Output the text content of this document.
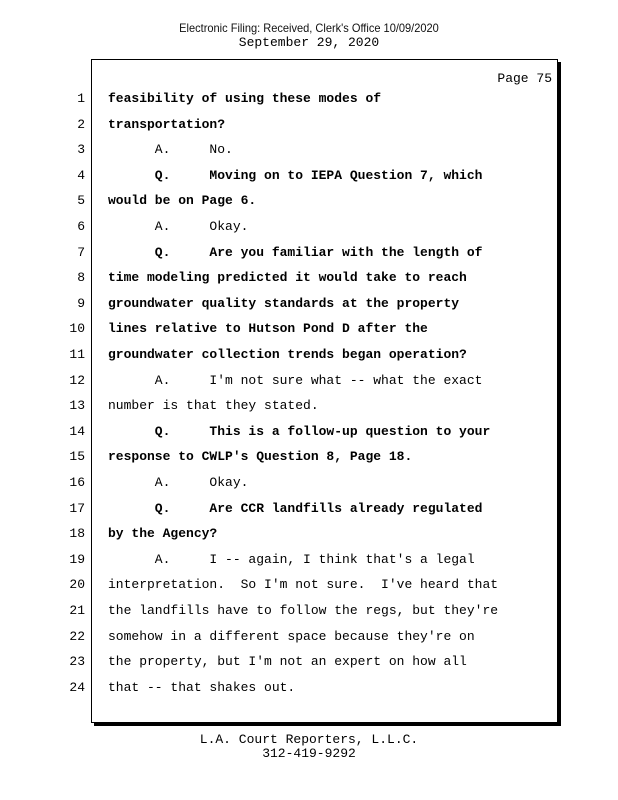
Electronic Filing: Received, Clerk's Office 10/09/2020
September 29, 2020
Page 75
1 feasibility of using these modes of
2 transportation?
3 A.     No.
4 Q.     Moving on to IEPA Question 7, which
5 would be on Page 6.
6 A.     Okay.
7 Q.     Are you familiar with the length of
8 time modeling predicted it would take to reach
9 groundwater quality standards at the property
10 lines relative to Hutson Pond D after the
11 groundwater collection trends began operation?
12 A.     I'm not sure what -- what the exact
13 number is that they stated.
14 Q.     This is a follow-up question to your
15 response to CWLP's Question 8, Page 18.
16 A.     Okay.
17 Q.     Are CCR landfills already regulated
18 by the Agency?
19 A.     I -- again, I think that's a legal
20 interpretation.  So I'm not sure.  I've heard that
21 the landfills have to follow the regs, but they're
22 somehow in a different space because they're on
23 the property, but I'm not an expert on how all
24 that -- that shakes out.
L.A. Court Reporters, L.L.C.
312-419-9292
